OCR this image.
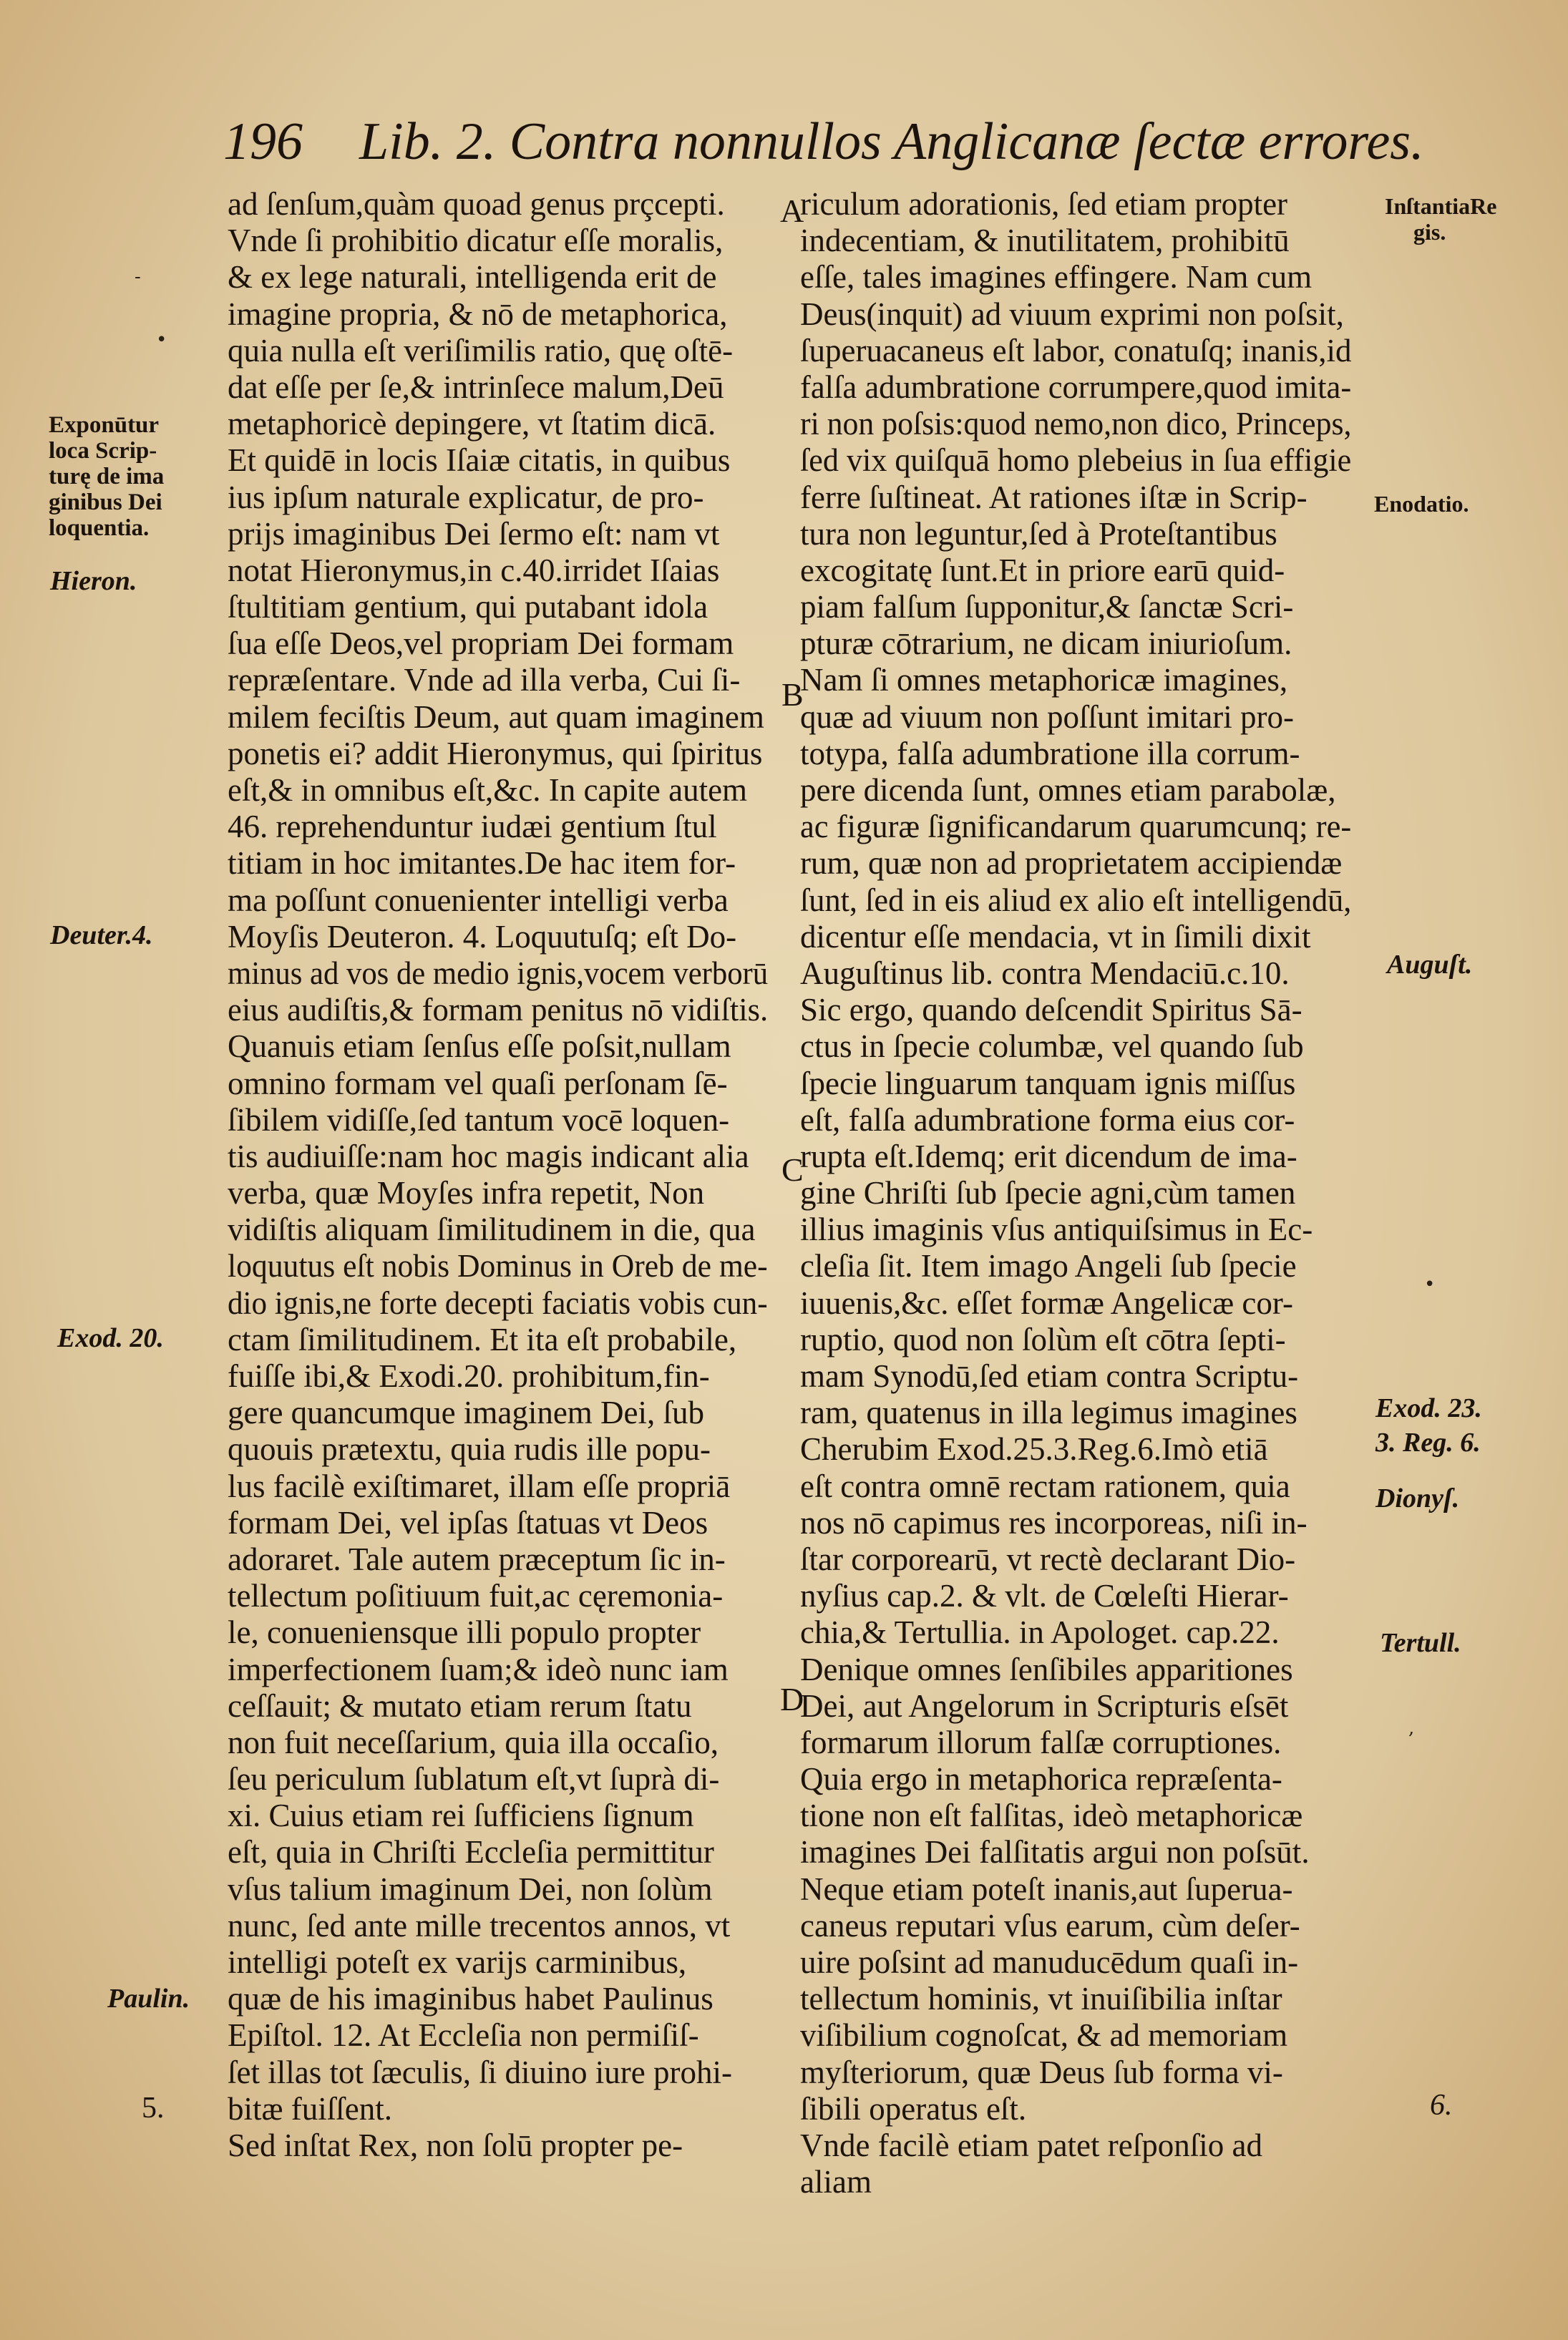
196 Lib. 2. Contra nonnullos Anglicanæ ſectæ errores.
ad ſenſum,quàm quoad genus prçcepti.
Vnde ſi prohibitio dicatur eſſe moralis,
& ex lege naturali, intelligenda erit de
imagine propria, & nō de metaphorica,
quia nulla eſt veriſimilis ratio, quę oſtē-
dat eſſe per ſe,& intrinſece malum,Deū
metaphoricè depingere, vt ſtatim dicā.
Et quidē in locis Iſaiæ citatis, in quibus
ius ipſum naturale explicatur, de pro-
prijs imaginibus Dei ſermo eſt: nam vt
notat Hieronymus,in c.40.irridet Iſaias
ſtultitiam gentium, qui putabant idola
ſua eſſe Deos,vel propriam Dei formam
repræſentare. Vnde ad illa verba, Cui ſi-
milem feciſtis Deum, aut quam imaginem
ponetis ei? addit Hieronymus, qui ſpiritus
eſt,& in omnibus eſt,&c. In capite autem
46. reprehenduntur iudæi gentium ſtul
titiam in hoc imitantes.De hac item for-
ma poſſunt conuenienter intelligi verba
Moyſis Deuteron. 4. Loquutuſq; eſt Do-
minus ad vos de medio ignis,vocem verborū
eius audiſtis,& formam penitus nō vidiſtis.
Quanuis etiam ſenſus eſſe poſsit,nullam
omnino formam vel quaſi perſonam ſē-
ſibilem vidiſſe,ſed tantum vocē loquen-
tis audiuiſſe:nam hoc magis indicant alia
verba, quæ Moyſes infra repetit, Non
vidiſtis aliquam ſimilitudinem in die, qua
loquutus eſt nobis Dominus in Oreb de me-
dio ignis,ne forte decepti faciatis vobis cun-
ctam ſimilitudinem. Et ita eſt probabile,
fuiſſe ibi,& Exodi.20. prohibitum,fin-
gere quancumque imaginem Dei, ſub
quouis prætextu, quia rudis ille popu-
lus facilè exiſtimaret, illam eſſe propriā
formam Dei, vel ipſas ſtatuas vt Deos
adoraret. Tale autem præceptum ſic in-
tellectum poſitiuum fuit,ac cęremonia-
le, conueniensque illi populo propter
imperfectionem ſuam;& ideò nunc iam
ceſſauit; & mutato etiam rerum ſtatu
non fuit neceſſarium, quia illa occaſio,
ſeu periculum ſublatum eſt,vt ſuprà di-
xi. Cuius etiam rei ſufficiens ſignum
eſt, quia in Chriſti Eccleſia permittitur
vſus talium imaginum Dei, non ſolùm
nunc, ſed ante mille trecentos annos, vt
intelligi poteſt ex varijs carminibus,
quæ de his imaginibus habet Paulinus
Epiſtol. 12. At Eccleſia non permiſiſ-
ſet illas tot ſæculis, ſi diuino iure prohi-
bitæ fuiſſent.
Sed inſtat Rex, non ſolū propter pe-
riculum adorationis, ſed etiam propter
indecentiam, & inutilitatem, prohibitū
eſſe, tales imagines effingere. Nam cum
Deus(inquit) ad viuum exprimi non poſsit,
ſuperuacaneus eſt labor, conatuſq; inanis,id
falſa adumbratione corrumpere,quod imita-
ri non poſsis:quod nemo,non dico, Princeps,
ſed vix quiſquā homo plebeius in ſua effigie
ferre ſuſtineat. At rationes iſtæ in Scrip-
tura non leguntur,ſed à Proteſtantibus
excogitatę ſunt.Et in priore earū quid-
piam falſum ſupponitur,& ſanctæ Scri-
pturæ cōtrarium, ne dicam iniurioſum.
Nam ſi omnes metaphoricæ imagines,
quæ ad viuum non poſſunt imitari pro-
totypa, falſa adumbratione illa corrum-
pere dicenda ſunt, omnes etiam parabolæ,
ac figuræ ſignificandarum quarumcunq; re-
rum, quæ non ad proprietatem accipiendæ
ſunt, ſed in eis aliud ex alio eſt intelligendū,
dicentur eſſe mendacia, vt in ſimili dixit
Auguſtinus lib. contra Mendaciū.c.10.
Sic ergo, quando deſcendit Spiritus Sā-
ctus in ſpecie columbæ, vel quando ſub
ſpecie linguarum tanquam ignis miſſus
eſt, falſa adumbratione forma eius cor-
rupta eſt.Idemq; erit dicendum de ima-
gine Chriſti ſub ſpecie agni,cùm tamen
illius imaginis vſus antiquiſsimus in Ec-
cleſia ſit. Item imago Angeli ſub ſpecie
iuuenis,&c. eſſet formæ Angelicæ cor-
ruptio, quod non ſolùm eſt cōtra ſepti-
mam Synodū,ſed etiam contra Scriptu-
ram, quatenus in illa legimus imagines
Cherubim Exod.25.3.Reg.6.Imò etiā
eſt contra omnē rectam rationem, quia
nos nō capimus res incorporeas, niſi in-
ſtar corporearū, vt rectè declarant Dio-
nyſius cap.2. & vlt. de Cœleſti Hierar-
chia,& Tertullia. in Apologet. cap.22.
Denique omnes ſenſibiles apparitiones
Dei, aut Angelorum in Scripturis eſsēt
formarum illorum falſæ corruptiones.
Quia ergo in metaphorica repræſenta-
tione non eſt falſitas, ideò metaphoricæ
imagines Dei falſitatis argui non poſsūt.
Neque etiam poteſt inanis,aut ſuperua-
caneus reputari vſus earum, cùm deſer-
uire poſsint ad manuducēdum quaſi in-
tellectum hominis, vt inuiſibilia inſtar
viſibilium cognoſcat, & ad memoriam
myſteriorum, quæ Deus ſub forma vi-
ſibili operatus eſt.
Vnde facilè etiam patet reſponſio ad
aliam
Exponūtur
loca Scrip-
turę de ima
ginibus Dei
loquentia.
Hieron.
Deuter.4.
Exod. 20.
Paulin.
5.
InſtantiaRe
gis.
Enodatio.
Auguſt.
Exod. 23.
3. Reg. 6.
Dionyſ.
Tertull.
6.
A
B
C
D
-
•
•
,
